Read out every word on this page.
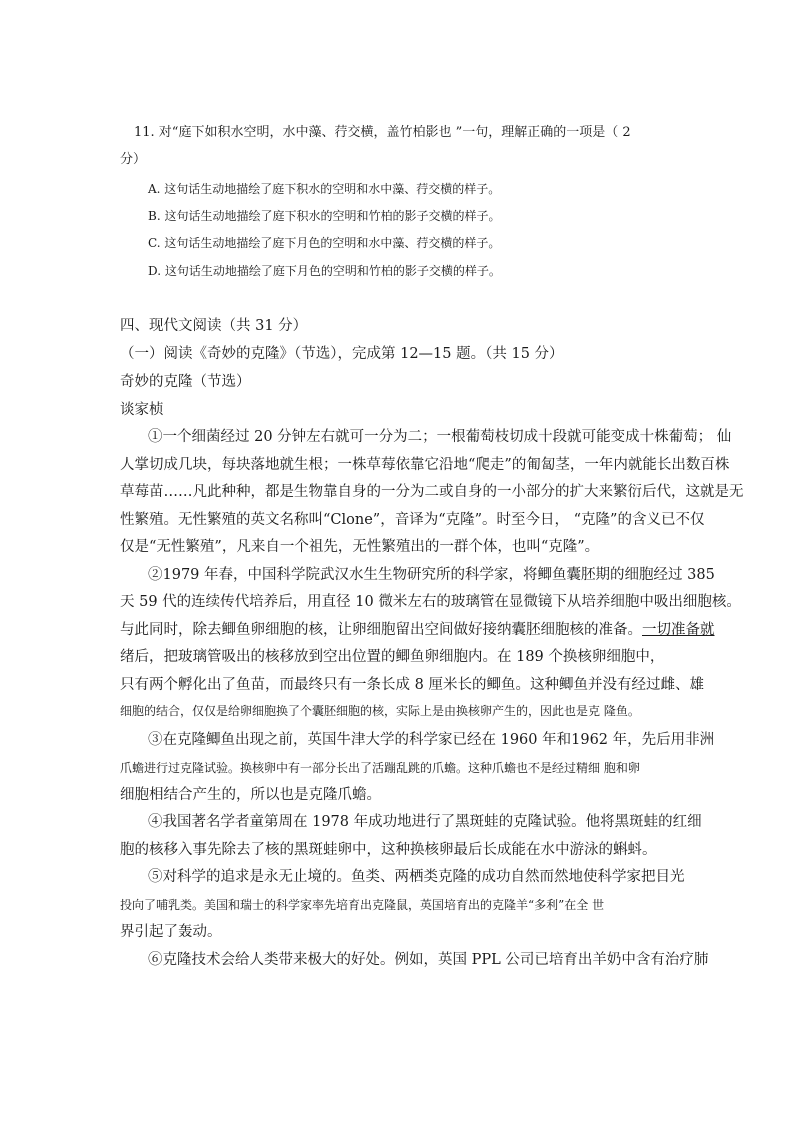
11. 对“庭下如积水空明，水中藻、荇交横，盖竹柏影也 ”一句，理解正确的一项是（ 2
分）
A. 这句话生动地描绘了庭下积水的空明和水中藻、荇交横的样子。
B. 这句话生动地描绘了庭下积水的空明和竹柏的影子交横的样子。
C. 这句话生动地描绘了庭下月色的空明和水中藻、荇交横的样子。
D. 这句话生动地描绘了庭下月色的空明和竹柏的影子交横的样子。
四、现代文阅读（共 31 分）
（一）阅读《奇妙的克隆》（节选），完成第 12—15 题。（共 15 分）
奇妙的克隆（节选）
谈家桢
①一个细菌经过 20 分钟左右就可一分为二；一根葡萄枝切成十段就可能变成十株葡萄； 仙
人掌切成几块，每块落地就生根；一株草莓依靠它沿地“爬走”的匍匐茎，一年内就能长出数百株
草莓苗……凡此种种，都是生物靠自身的一分为二或自身的一小部分的扩大来繁衍后代，这就是无
性繁殖。无性繁殖的英文名称叫“Clone”，音译为“克隆”。时至今日， “克隆”的含义已不仅
仅是“无性繁殖”，凡来自一个祖先，无性繁殖出的一群个体，也叫“克隆”。
②1979 年春，中国科学院武汉水生生物研究所的科学家，将鲫鱼囊胚期的细胞经过 385
天 59 代的连续传代培养后，用直径 10 微米左右的玻璃管在显微镜下从培养细胞中吸出细胞核。
与此同时，除去鲫鱼卵细胞的核，让卵细胞留出空间做好接纳囊胚细胞核的准备。一切准备就
绪后，把玻璃管吸出的核移放到空出位置的鲫鱼卵细胞内。在 189 个换核卵细胞中，
只有两个孵化出了鱼苗，而最终只有一条长成 8 厘米长的鲫鱼。这种鲫鱼并没有经过雌、雄
细胞的结合，仅仅是给卵细胞换了个囊胚细胞的核，实际上是由换核卵产生的，因此也是克 隆鱼。
③在克隆鲫鱼出现之前，英国牛津大学的科学家已经在 1960 年和1962 年，先后用非洲
爪蟾进行过克隆试验。换核卵中有一部分长出了活蹦乱跳的爪蟾。这种爪蟾也不是经过精细 胞和卵
细胞相结合产生的，所以也是克隆爪蟾。
④我国著名学者童第周在 1978 年成功地进行了黑斑蛙的克隆试验。他将黑斑蛙的红细
胞的核移入事先除去了核的黑斑蛙卵中，这种换核卵最后长成能在水中游泳的蝌蚪。
⑤对科学的追求是永无止境的。鱼类、两栖类克隆的成功自然而然地使科学家把目光
投向了哺乳类。美国和瑞士的科学家率先培育出克隆鼠，英国培育出的克隆羊“多利”在全 世
界引起了轰动。
⑥克隆技术会给人类带来极大的好处。例如，英国 PPL 公司已培育出羊奶中含有治疗肺
